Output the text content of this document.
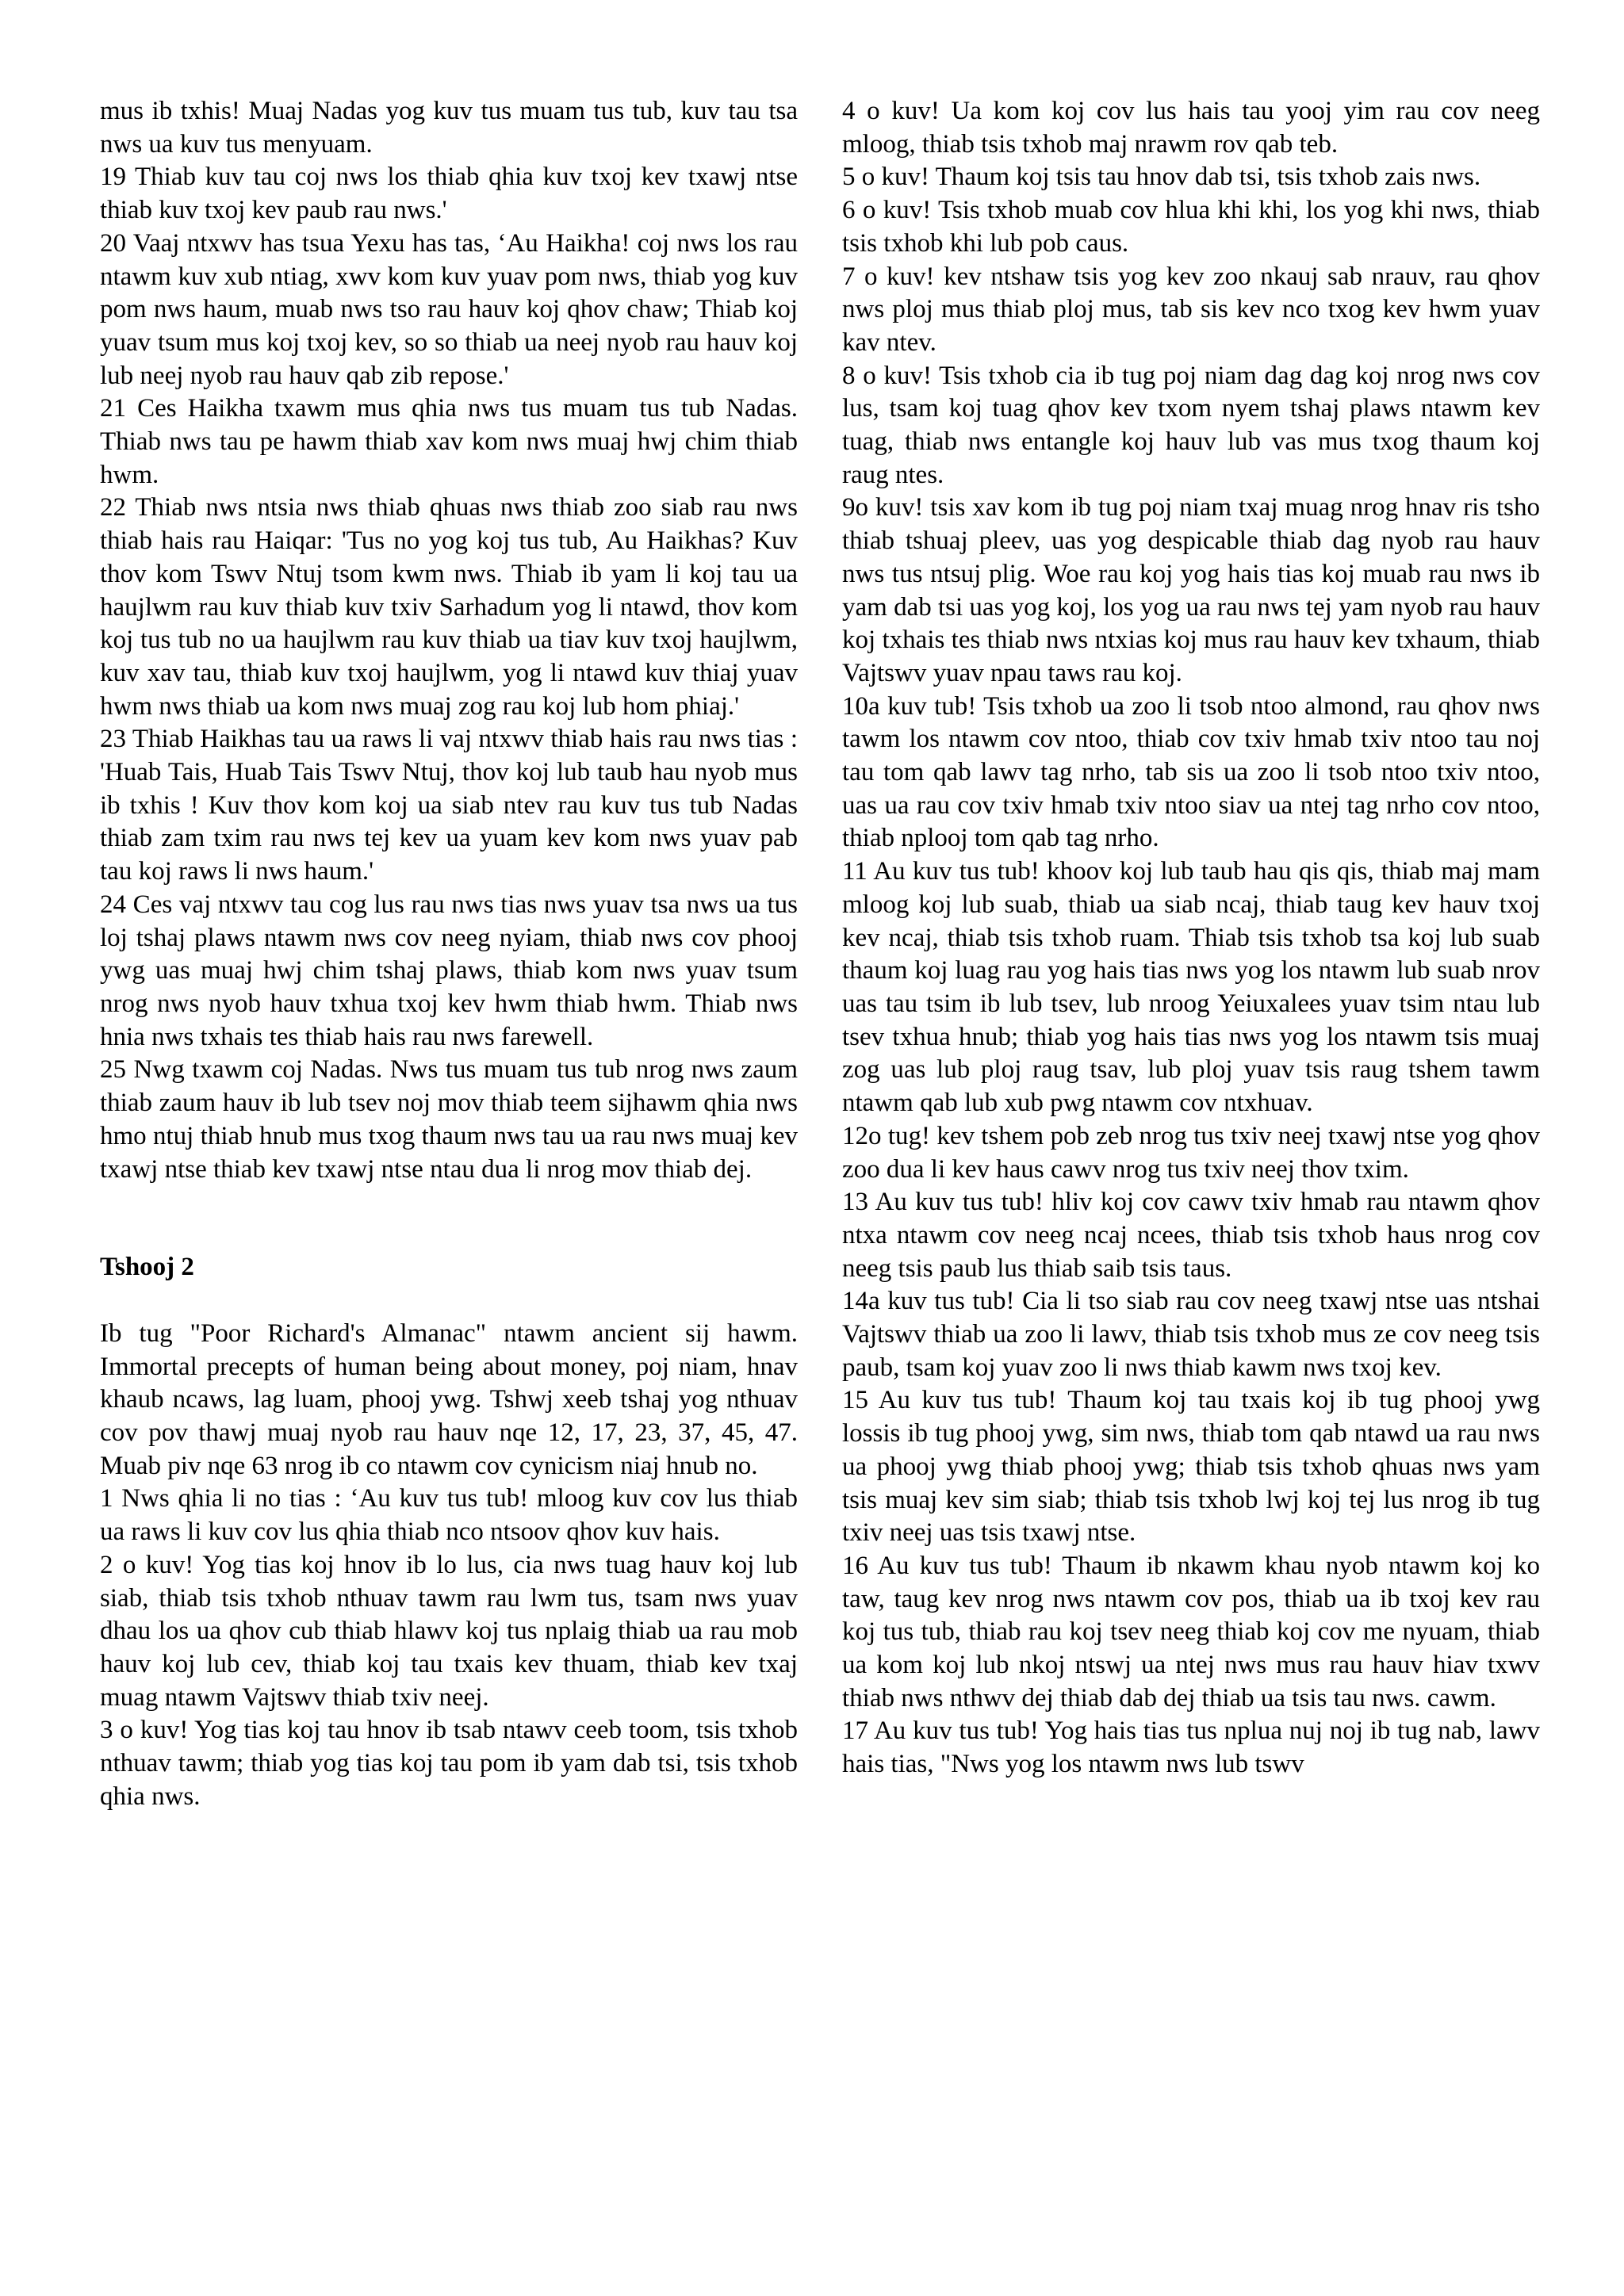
mus ib txhis! Muaj Nadas yog kuv tus muam tus tub, kuv tau tsa nws ua kuv tus menyuam.

19 Thiab kuv tau coj nws los thiab qhia kuv txoj kev txawj ntse thiab kuv txoj kev paub rau nws.'

20 Vaaj ntxwv has tsua Yexu has tas, ‘Au Haikha! coj nws los rau ntawm kuv xub ntiag, xwv kom kuv yuav pom nws, thiab yog kuv pom nws haum, muab nws tso rau hauv koj qhov chaw; Thiab koj yuav tsum mus koj txoj kev, so so thiab ua neej nyob rau hauv koj lub neej nyob rau hauv qab zib repose.'

21 Ces Haikha txawm mus qhia nws tus muam tus tub Nadas. Thiab nws tau pe hawm thiab xav kom nws muaj hwj chim thiab hwm.

22 Thiab nws ntsia nws thiab qhuas nws thiab zoo siab rau nws thiab hais rau Haiqar: 'Tus no yog koj tus tub, Au Haikhas? Kuv thov kom Tswv Ntuj tsom kwm nws. Thiab ib yam li koj tau ua haujlwm rau kuv thiab kuv txiv Sarhadum yog li ntawd, thov kom koj tus tub no ua haujlwm rau kuv thiab ua tiav kuv txoj haujlwm, kuv xav tau, thiab kuv txoj haujlwm, yog li ntawd kuv thiaj yuav hwm nws thiab ua kom nws muaj zog rau koj lub hom phiaj.'

23 Thiab Haikhas tau ua raws li vaj ntxwv thiab hais rau nws tias : 'Huab Tais, Huab Tais Tswv Ntuj, thov koj lub taub hau nyob mus ib txhis ! Kuv thov kom koj ua siab ntev rau kuv tus tub Nadas thiab zam txim rau nws tej kev ua yuam kev kom nws yuav pab tau koj raws li nws haum.'

24 Ces vaj ntxwv tau cog lus rau nws tias nws yuav tsa nws ua tus loj tshaj plaws ntawm nws cov neeg nyiam, thiab nws cov phooj ywg uas muaj hwj chim tshaj plaws, thiab kom nws yuav tsum nrog nws nyob hauv txhua txoj kev hwm thiab hwm. Thiab nws hnia nws txhais tes thiab hais rau nws farewell.

25 Nwg txawm coj Nadas. Nws tus muam tus tub nrog nws zaum thiab zaum hauv ib lub tsev noj mov thiab teem sijhawm qhia nws hmo ntuj thiab hnub mus txog thaum nws tau ua rau nws muaj kev txawj ntse thiab kev txawj ntse ntau dua li nrog mov thiab dej.

Tshooj 2

Ib tug "Poor Richard's Almanac" ntawm ancient sij hawm. Immortal precepts of human being about money, poj niam, hnav khaub ncaws, lag luam, phooj ywg. Tshwj xeeb tshaj yog nthuav cov pov thawj muaj nyob rau hauv nqe 12, 17, 23, 37, 45, 47. Muab piv nqe 63 nrog ib co ntawm cov cynicism niaj hnub no.

1 Nws qhia li no tias : ‘Au kuv tus tub! mloog kuv cov lus thiab ua raws li kuv cov lus qhia thiab nco ntsoov qhov kuv hais.

2 o kuv! Yog tias koj hnov ib lo lus, cia nws tuag hauv koj lub siab, thiab tsis txhob nthuav tawm rau lwm tus, tsam nws yuav dhau los ua qhov cub thiab hlawv koj tus nplaig thiab ua rau mob hauv koj lub cev, thiab koj tau txais kev thuam, thiab kev txaj muag ntawm Vajtswv thiab txiv neej.

3 o kuv! Yog tias koj tau hnov ib tsab ntawv ceeb toom, tsis txhob nthuav tawm; thiab yog tias koj tau pom ib yam dab tsi, tsis txhob qhia nws.

4 o kuv! Ua kom koj cov lus hais tau yooj yim rau cov neeg mloog, thiab tsis txhob maj nrawm rov qab teb.

5 o kuv! Thaum koj tsis tau hnov dab tsi, tsis txhob zais nws.

6 o kuv! Tsis txhob muab cov hlua khi khi, los yog khi nws, thiab tsis txhob khi lub pob caus.

7 o kuv! kev ntshaw tsis yog kev zoo nkauj sab nrauv, rau qhov nws ploj mus thiab ploj mus, tab sis kev nco txog kev hwm yuav kav ntev.

8 o kuv! Tsis txhob cia ib tug poj niam dag dag koj nrog nws cov lus, tsam koj tuag qhov kev txom nyem tshaj plaws ntawm kev tuag, thiab nws entangle koj hauv lub vas mus txog thaum koj raug ntes.

9o kuv! tsis xav kom ib tug poj niam txaj muag nrog hnav ris tsho thiab tshuaj pleev, uas yog despicable thiab dag nyob rau hauv nws tus ntsuj plig. Woe rau koj yog hais tias koj muab rau nws ib yam dab tsi uas yog koj, los yog ua rau nws tej yam nyob rau hauv koj txhais tes thiab nws ntxias koj mus rau hauv kev txhaum, thiab Vajtswv yuav npau taws rau koj.

10a kuv tub! Tsis txhob ua zoo li tsob ntoo almond, rau qhov nws tawm los ntawm cov ntoo, thiab cov txiv hmab txiv ntoo tau noj tau tom qab lawv tag nrho, tab sis ua zoo li tsob ntoo txiv ntoo, uas ua rau cov txiv hmab txiv ntoo siav ua ntej tag nrho cov ntoo, thiab nplooj tom qab tag nrho.

11 Au kuv tus tub! khoov koj lub taub hau qis qis, thiab maj mam mloog koj lub suab, thiab ua siab ncaj, thiab taug kev hauv txoj kev ncaj, thiab tsis txhob ruam. Thiab tsis txhob tsa koj lub suab thaum koj luag rau yog hais tias nws yog los ntawm lub suab nrov uas tau tsim ib lub tsev, lub nroog Yeiuxalees yuav tsim ntau lub tsev txhua hnub; thiab yog hais tias nws yog los ntawm tsis muaj zog uas lub ploj raug tsav, lub ploj yuav tsis raug tshem tawm ntawm qab lub xub pwg ntawm cov ntxhuav.

12o tug! kev tshem pob zeb nrog tus txiv neej txawj ntse yog qhov zoo dua li kev haus cawv nrog tus txiv neej thov txim.

13 Au kuv tus tub! hliv koj cov cawv txiv hmab rau ntawm qhov ntxa ntawm cov neeg ncaj ncees, thiab tsis txhob haus nrog cov neeg tsis paub lus thiab saib tsis taus.

14a kuv tus tub! Cia li tso siab rau cov neeg txawj ntse uas ntshai Vajtswv thiab ua zoo li lawv, thiab tsis txhob mus ze cov neeg tsis paub, tsam koj yuav zoo li nws thiab kawm nws txoj kev.

15 Au kuv tus tub! Thaum koj tau txais koj ib tug phooj ywg lossis ib tug phooj ywg, sim nws, thiab tom qab ntawd ua rau nws ua phooj ywg thiab phooj ywg; thiab tsis txhob qhuas nws yam tsis muaj kev sim siab; thiab tsis txhob lwj koj tej lus nrog ib tug txiv neej uas tsis txawj ntse.

16 Au kuv tus tub! Thaum ib nkawm khau nyob ntawm koj ko taw, taug kev nrog nws ntawm cov pos, thiab ua ib txoj kev rau koj tus tub, thiab rau koj tsev neeg thiab koj cov me nyuam, thiab ua kom koj lub nkoj ntswj ua ntej nws mus rau hauv hiav txwv thiab nws nthwv dej thiab dab dej thiab ua tsis tau nws. cawm.

17 Au kuv tus tub! Yog hais tias tus nplua nuj noj ib tug nab, lawv hais tias, "Nws yog los ntawm nws lub tswv
